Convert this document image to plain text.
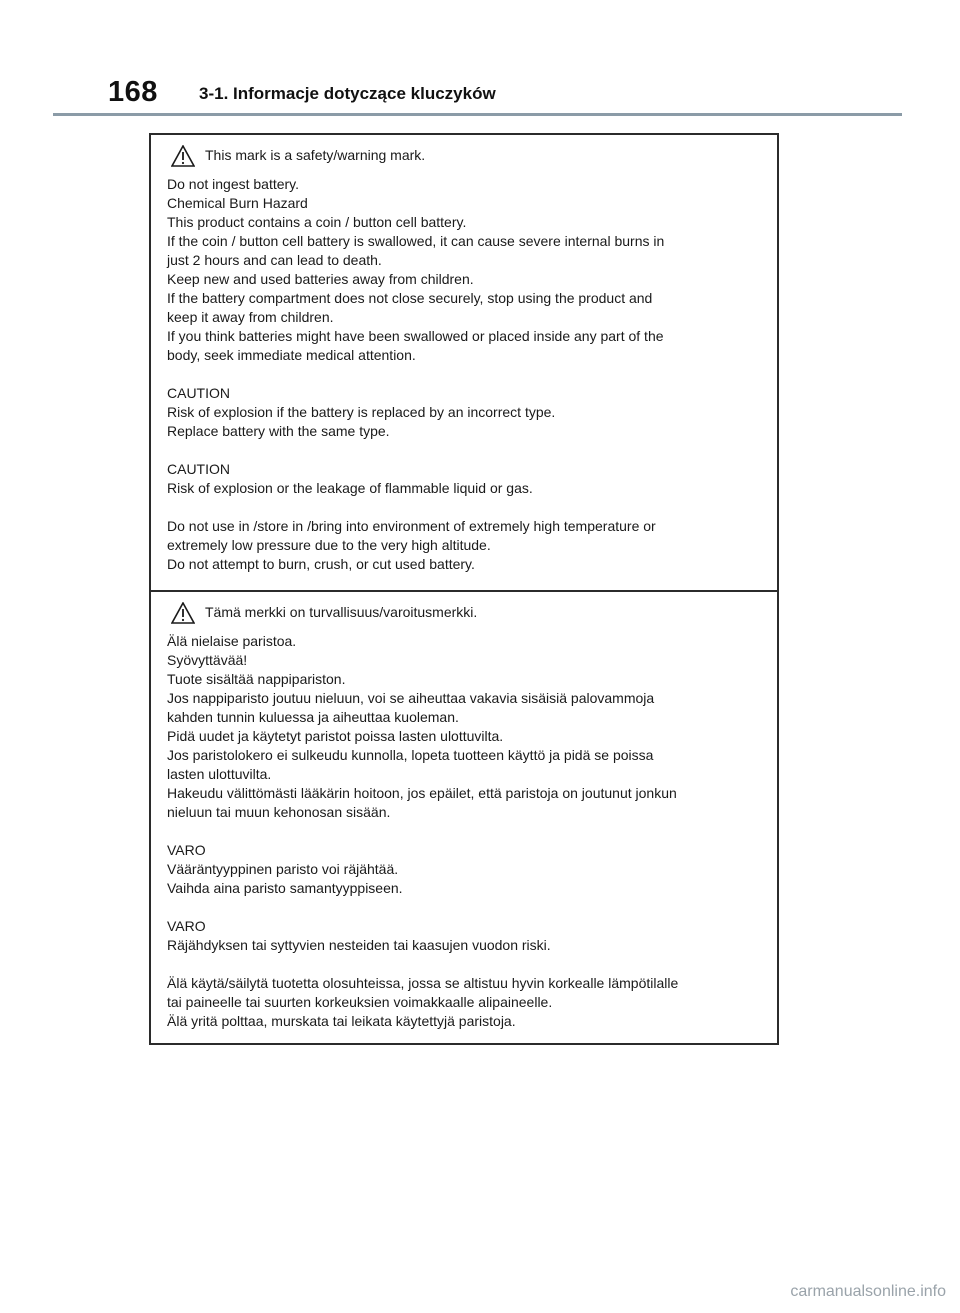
168 3-1. Informacje dotyczące kluczyków
This mark is a safety/warning mark.

Do not ingest battery.
Chemical Burn Hazard
This product contains a coin / button cell battery.
If the coin / button cell battery is swallowed, it can cause severe internal burns in
just 2 hours and can lead to death.
Keep new and used batteries away from children.
If the battery compartment does not close securely, stop using the product and
keep it away from children.
If you think batteries might have been swallowed or placed inside any part of the
body, seek immediate medical attention.

CAUTION
Risk of explosion if the battery is replaced by an incorrect type.
Replace battery with the same type.

CAUTION
Risk of explosion or the leakage of flammable liquid or gas.

Do not use in /store in /bring into environment of extremely high temperature or
extremely low pressure due to the very high altitude.
Do not attempt to burn, crush, or cut used battery.

Tämä merkki on turvallisuus/varoitusmerkki.

Älä nielaise paristoa.
Syövyttävää!
Tuote sisältää nappipariston.
Jos nappiparisto joutuu nieluun, voi se aiheuttaa vakavia sisäisiä palovammoja
kahden tunnin kuluessa ja aiheuttaa kuoleman.
Pidä uudet ja käytetyt paristot poissa lasten ulottuvilta.
Jos paristolokero ei sulkeudu kunnolla, lopeta tuotteen käyttö ja pidä se poissa
lasten ulottuvilta.
Hakeudu välittömästi lääkärin hoitoon, jos epäilet, että paristoja on joutunut jonkun
nieluun tai muun kehonosan sisään.

VARO
Vääräntyyppinen paristo voi räjähtää.
Vaihda aina paristo samantyyppiseen.

VARO
Räjähdyksen tai syttyvien nesteiden tai kaasujen vuodon riski.

Älä käytä/säilytä tuotetta olosuhteissa, jossa se altistuu hyvin korkealle lämpötilalle
tai paineelle tai suurten korkeuksien voimakkaalle alipaineelle.
Älä yritä polttaa, murskata tai leikata käytettyjä paristoja.

carmanualsonline.info
